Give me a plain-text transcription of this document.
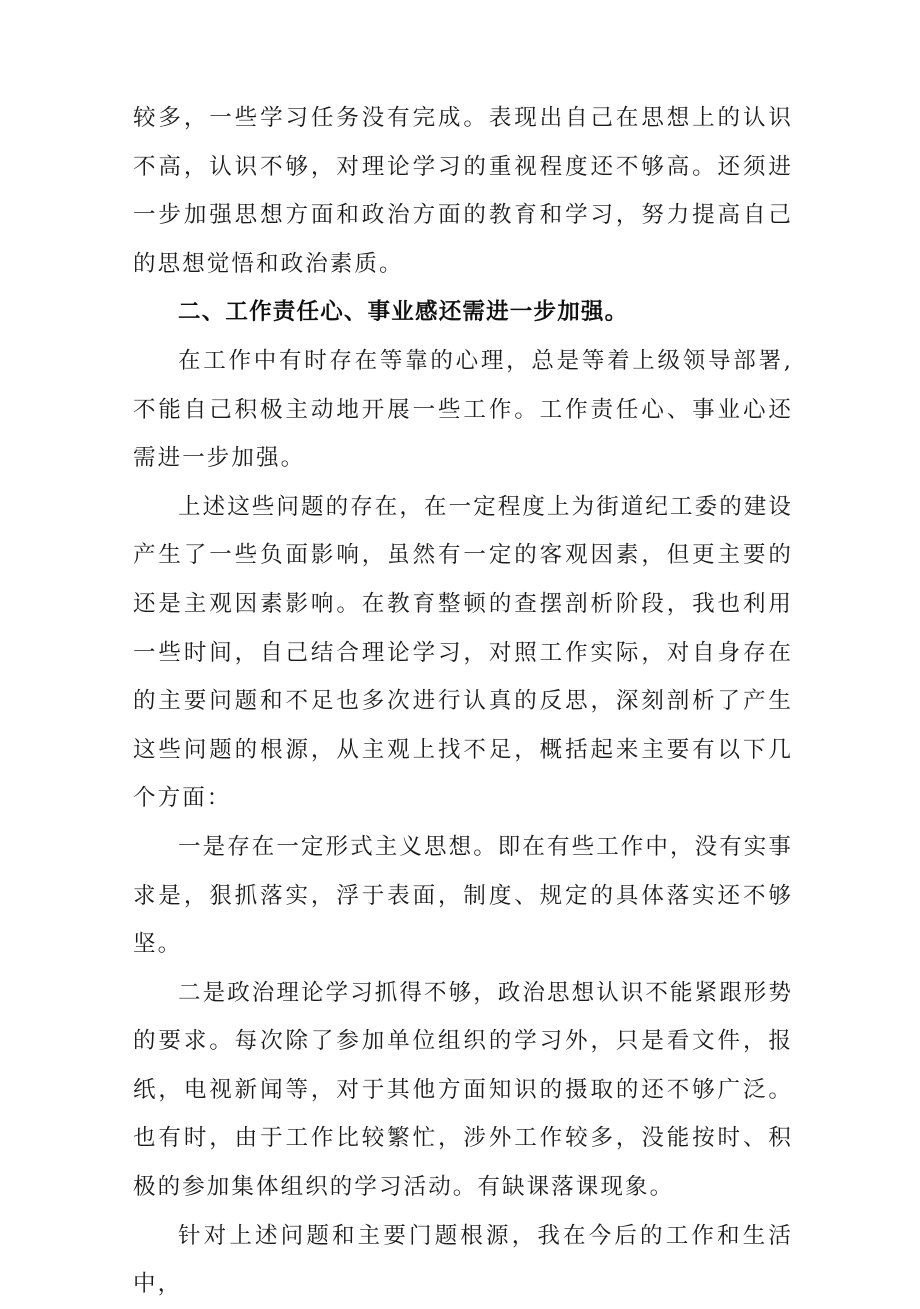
较多，一些学习任务没有完成。表现出自己在思想上的认识不高，认识不够，对理论学习的重视程度还不够高。还须进一步加强思想方面和政治方面的教育和学习，努力提高自己的思想觉悟和政治素质。

二、工作责任心、事业感还需进一步加强。

在工作中有时存在等靠的心理，总是等着上级领导部署,不能自己积极主动地开展一些工作。工作责任心、事业心还需进一步加强。

上述这些问题的存在，在一定程度上为街道纪工委的建设产生了一些负面影响，虽然有一定的客观因素，但更主要的还是主观因素影响。在教育整顿的查摆剖析阶段，我也利用一些时间，自己结合理论学习，对照工作实际，对自身存在的主要问题和不足也多次进行认真的反思，深刻剖析了产生这些问题的根源，从主观上找不足，概括起来主要有以下几个方面：

一是存在一定形式主义思想。即在有些工作中，没有实事求是，狠抓落实，浮于表面，制度、规定的具体落实还不够坚。

二是政治理论学习抓得不够，政治思想认识不能紧跟形势的要求。每次除了参加单位组织的学习外，只是看文件，报纸，电视新闻等，对于其他方面知识的摄取的还不够广泛。也有时，由于工作比较繁忙，涉外工作较多，没能按时、积极的参加集体组织的学习活动。有缺课落课现象。

针对上述问题和主要门题根源，我在今后的工作和生活中，
